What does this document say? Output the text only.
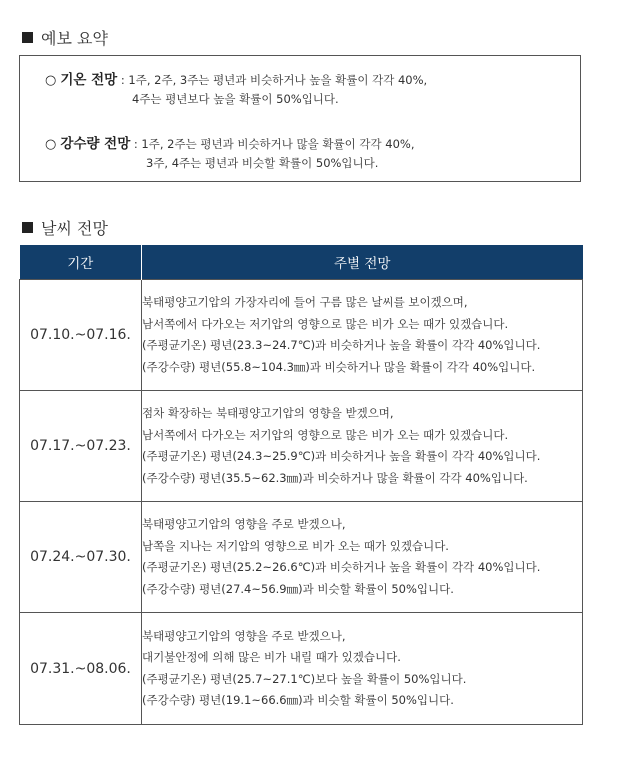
예보 요약
○ 기온 전망 : 1주, 2주, 3주는 평년과 비슷하거나 높을 확률이 각각 40%,
4주는 평년보다 높을 확률이 50%입니다.
○ 강수량 전망 : 1주, 2주는 평년과 비슷하거나 많을 확률이 각각 40%,
3주, 4주는 평년과 비슷할 확률이 50%입니다.
날씨 전망
기간	주별 전망
07.10.~07.16.	북태평양고기압의 가장자리에 들어 구름 많은 날씨를 보이겠으며,
남서쪽에서 다가오는 저기압의 영향으로 많은 비가 오는 때가 있겠습니다.
(주평균기온) 평년(23.3~24.7℃)과 비슷하거나 높을 확률이 각각 40%입니다.
(주강수량) 평년(55.8~104.3㎜)과 비슷하거나 많을 확률이 각각 40%입니다.

07.17.~07.23.	점차 확장하는 북태평양고기압의 영향을 받겠으며,
남서쪽에서 다가오는 저기압의 영향으로 많은 비가 오는 때가 있겠습니다.
(주평균기온) 평년(24.3~25.9℃)과 비슷하거나 높을 확률이 각각 40%입니다.
(주강수량) 평년(35.5~62.3㎜)과 비슷하거나 많을 확률이 각각 40%입니다.

07.24.~07.30.	북태평양고기압의 영향을 주로 받겠으나,
남쪽을 지나는 저기압의 영향으로 비가 오는 때가 있겠습니다.
(주평균기온) 평년(25.2~26.6℃)과 비슷하거나 높을 확률이 각각 40%입니다.
(주강수량) 평년(27.4~56.9㎜)과 비슷할 확률이 50%입니다.

07.31.~08.06.	북태평양고기압의 영향을 주로 받겠으나,
대기불안정에 의해 많은 비가 내릴 때가 있겠습니다.
(주평균기온) 평년(25.7~27.1℃)보다 높을 확률이 50%입니다.
(주강수량) 평년(19.1~66.6㎜)과 비슷할 확률이 50%입니다.
